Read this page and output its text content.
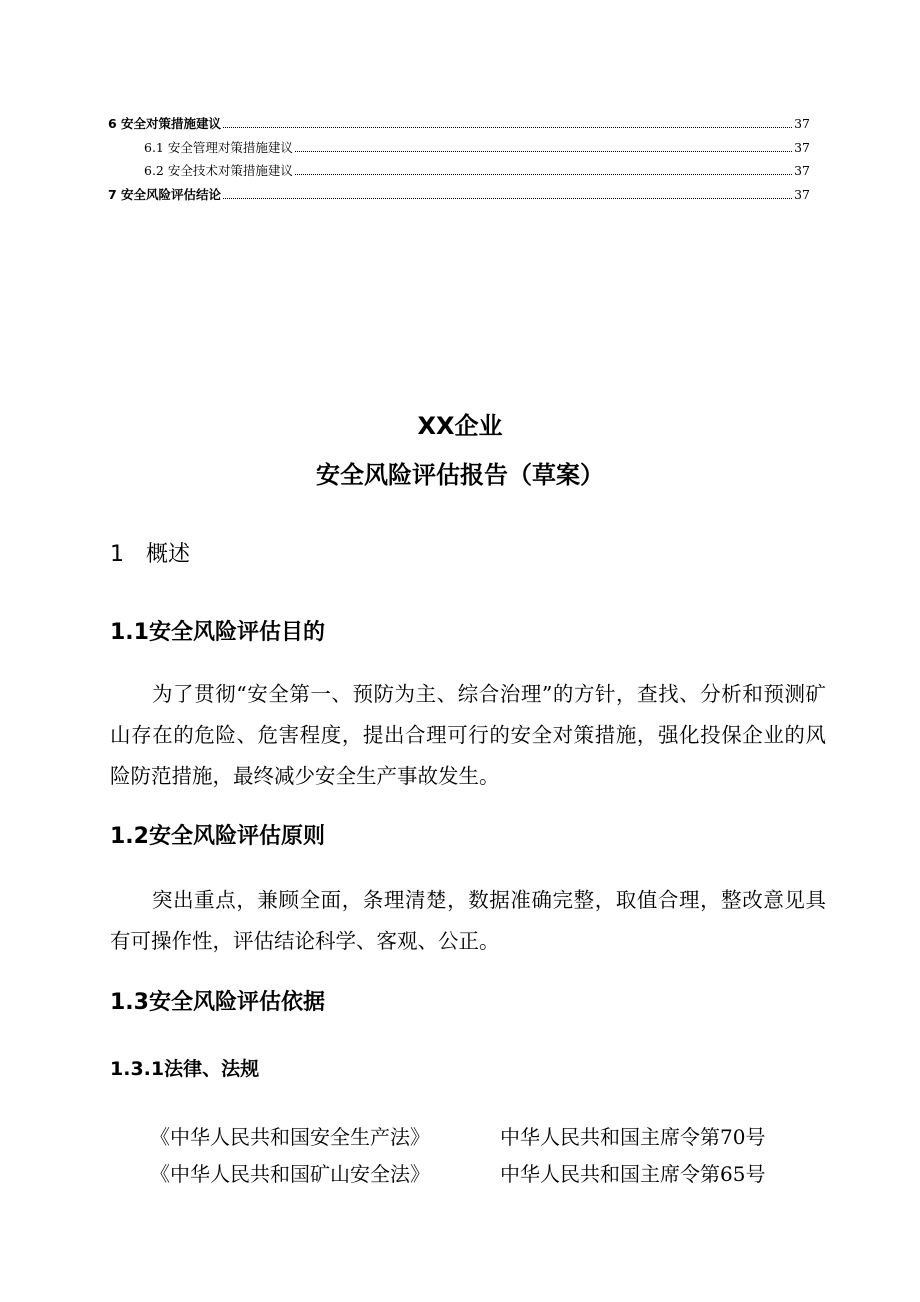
6 安全对策措施建议	37
6.1 安全管理对策措施建议	37
6.2 安全技术对策措施建议	37
7 安全风险评估结论	37
XX企业
安全风险评估报告（草案）
1　概述
1.1安全风险评估目的
为了贯彻“安全第一、预防为主、综合治理”的方针，查找、分析和预测矿山存在的危险、危害程度，提出合理可行的安全对策措施，强化投保企业的风险防范措施，最终减少安全生产事故发生。
1.2安全风险评估原则
突出重点，兼顾全面，条理清楚，数据准确完整，取值合理，整改意见具有可操作性，评估结论科学、客观、公正。
1.3安全风险评估依据
1.3.1法律、法规
《中华人民共和国安全生产法》	中华人民共和国主席令第70号
《中华人民共和国矿山安全法》	中华人民共和国主席令第65号
